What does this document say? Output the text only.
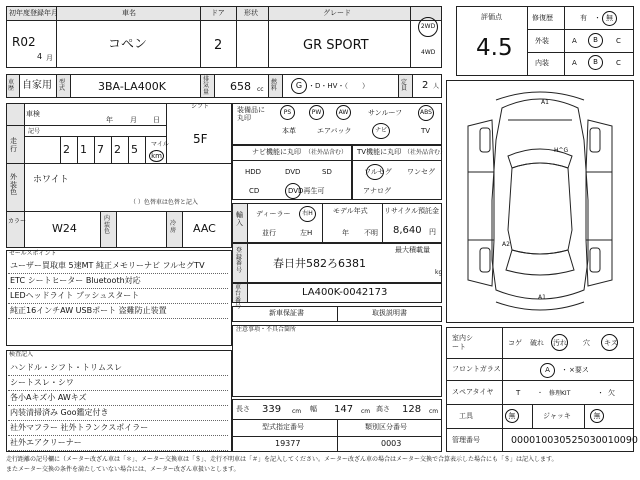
初年度登録年月
R02
4 月
車名
コペン
ドア
2
形状	グレード
GR SPORT
2WD
4WD
評価点
4.5
修復歴	有 ・ 無
外装	A B	C
内装	A B	C
車歴 自家用 型式	3BA-LA400K
排気量	658 cc
燃料	G ・D・HV・（　　）	定員	2 人
車検
年 月 日
走行
記号
2 1 7 2 5 マイル
km
シフト
5F
外装色
ホワイト
（ ）色替車は色替と記入
カラー
W24
内装色
冷房	AAC
セールスポイント
ユーザー買取車 5速MT 純正メモリーナビ フルセグTV
ETC シートヒーター Bluetooth対応
LEDヘッドライト プッシュスタート
純正16インチAW USBポート 盗難防止装置
検査記入
ハンドル・シフト・トリムスレ
シートスレ・シワ
各小Aキズ小 AWキズ
内装清掃済み Goo鑑定付き
社外マフラー 社外トランクスポイラー
社外エアクリーナー
装備品に丸印
PS	PW	AW	サンルーフ	ABS
本革	エアバック	ナビ	TV
ナビ機能に丸印 （社外品含む）
HDD	DVD	SD
CD	DVD再生可
TV機能に丸印 （社外品含む）
フルセグ ワンセグ
アナログ
輸入
ディーラー 右H
並行	左H
モデル年式
年 不明
リサイクル預託金
8,640 円
登録番号
最大積載量
春日井582ろ6381
kg
車台番号
LA400K-0042173
新車保証書	取扱説明書
注意事項・不具合箇所
長さ 339 cm 幅 147 cm 高さ 128 cm
型式指定番号	類別区分番号
19377	0003
A1
H^G
A2
A1
室内シート
コゲ 破れ 汚れ 穴 キズ
フロントガラス	A ・ ×要ス
スペアタイヤ	T	・　修理KIT	・ 欠
工具	無	ジャッキ	無
管理番号	000010030525030010090
走行距離の記号欄に（メーター改ざん車は「＊」、メーター交換車は「＄」、走行不明車は「＃」を記入してください。メーター改ざん車の場合はメーター交換で合算表示した場合にも「＄」は記入します。
またメーター交換の条件を満たしていない場合には、メーター改ざん車扱いとします。
